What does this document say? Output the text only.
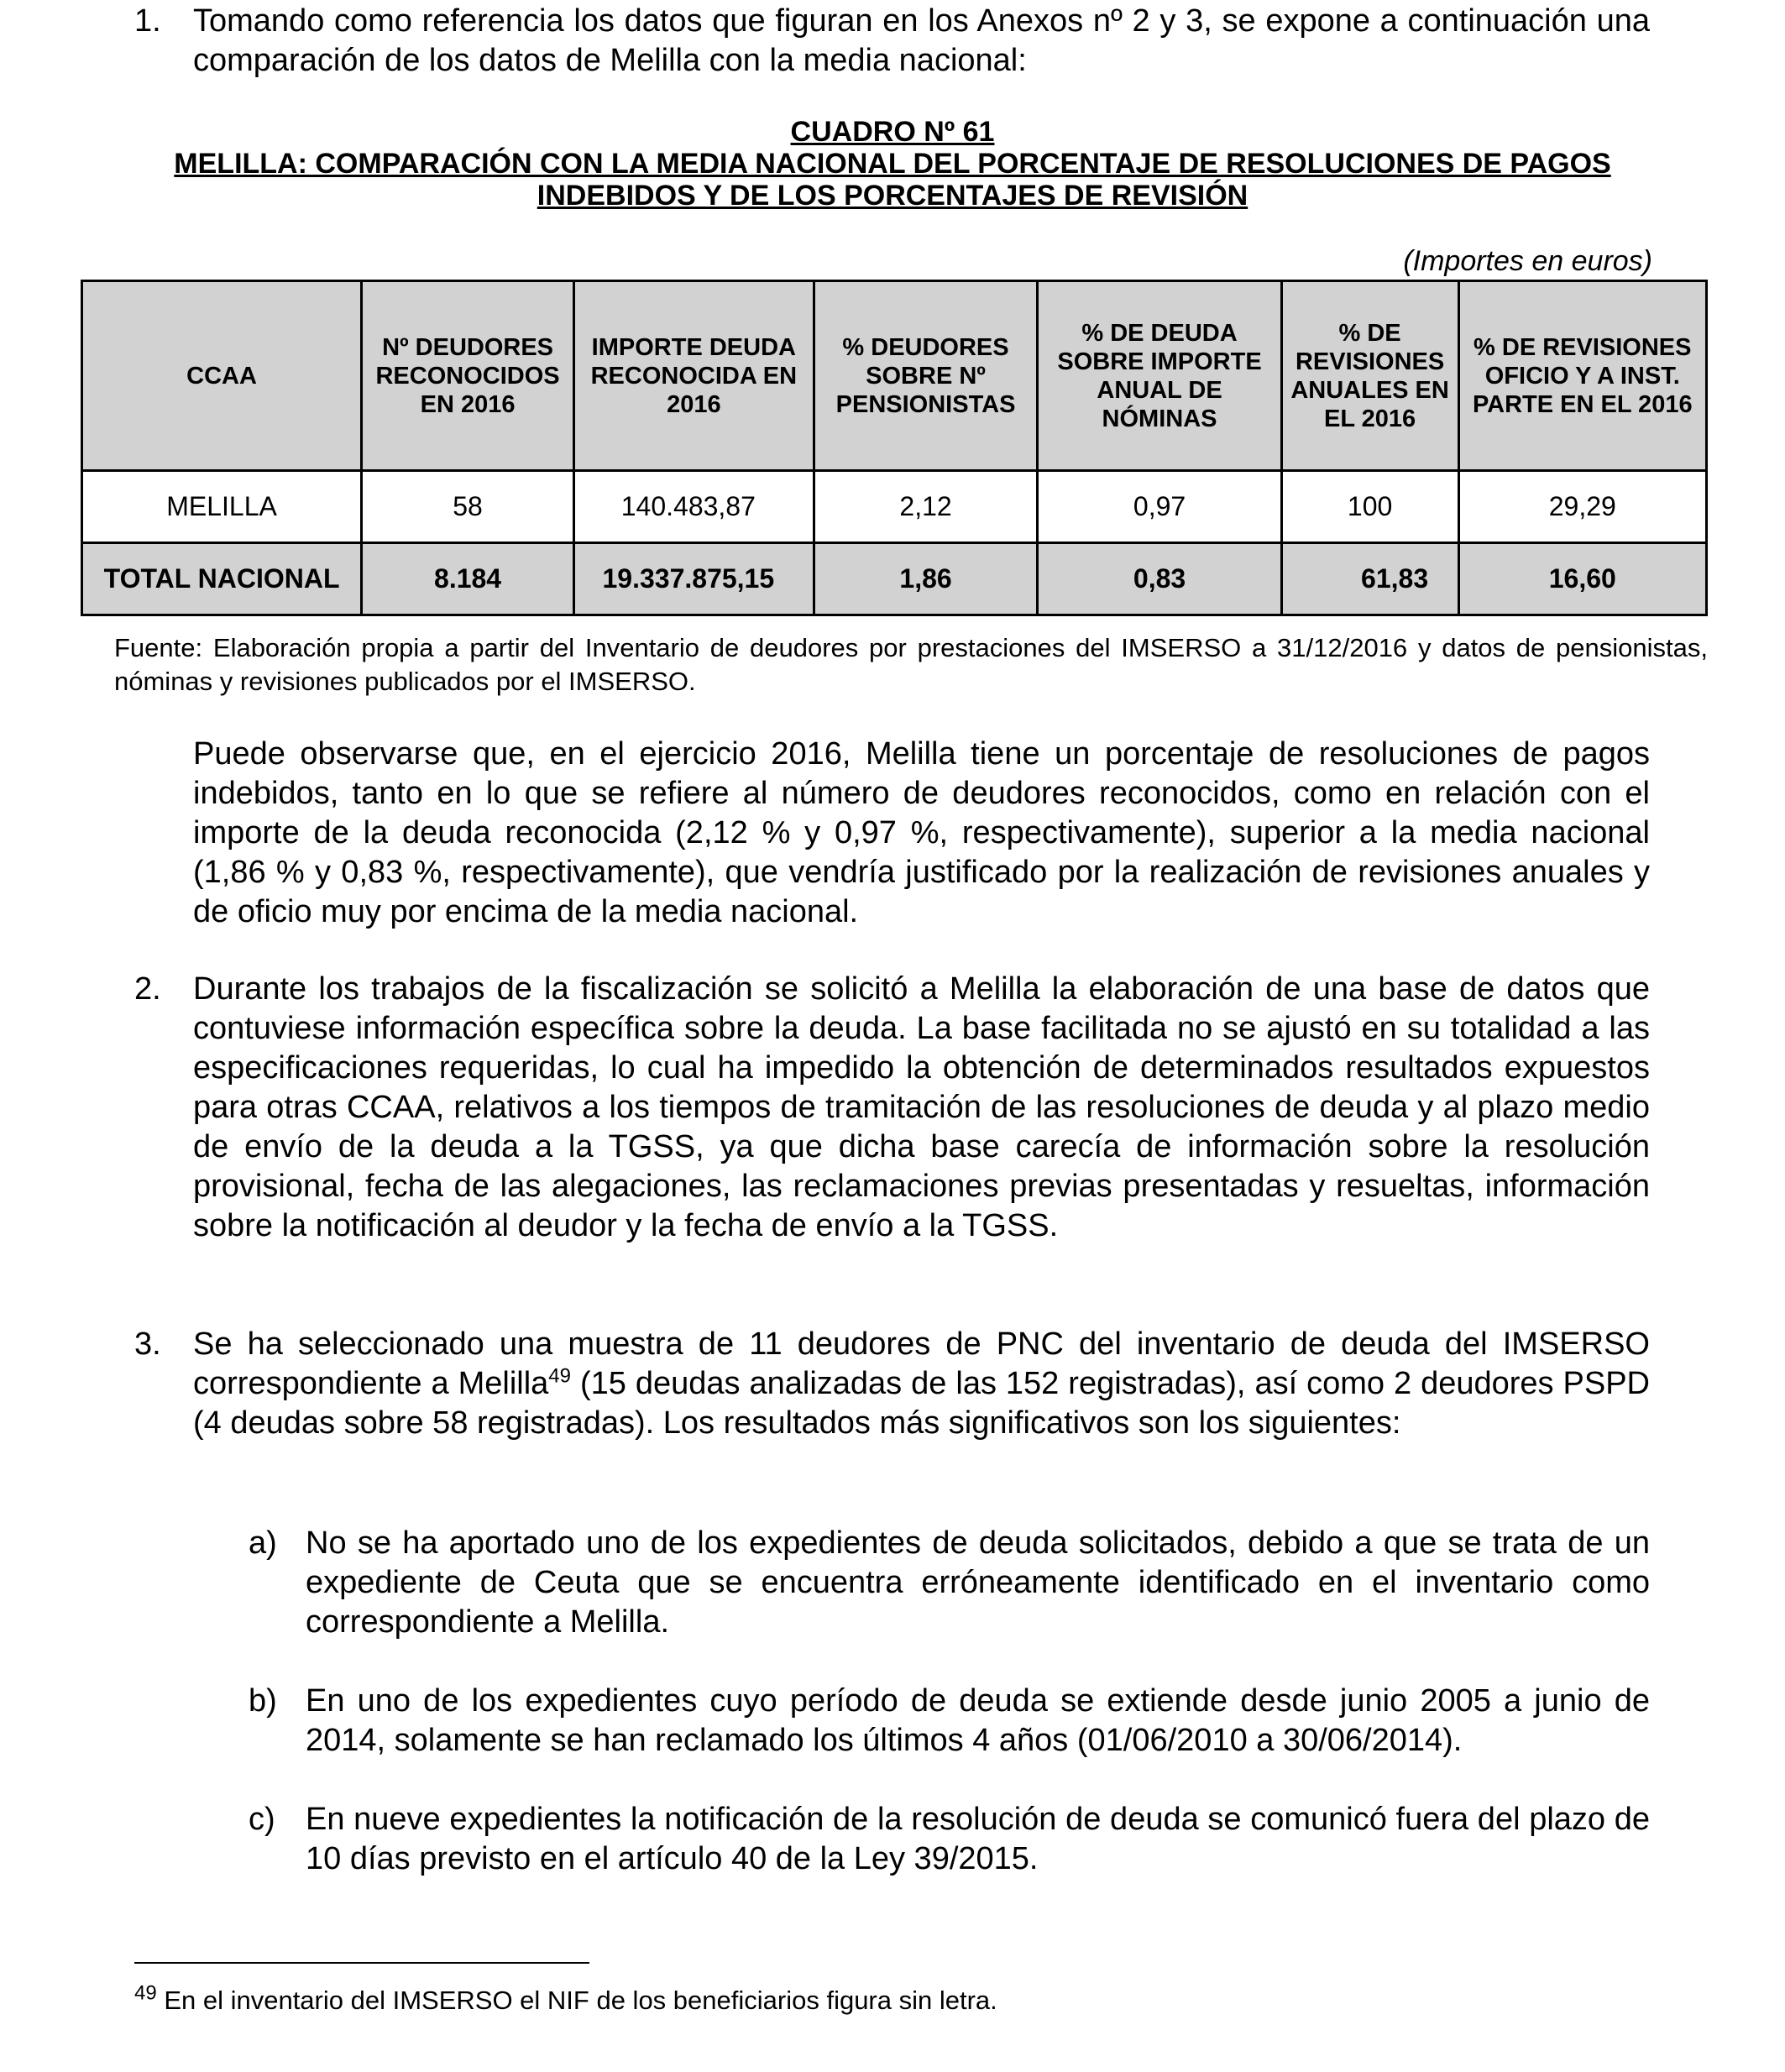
1. Tomando como referencia los datos que figuran en los Anexos nº 2 y 3, se expone a continuación una comparación de los datos de Melilla con la media nacional:
CUADRO Nº 61
MELILLA: COMPARACIÓN CON LA MEDIA NACIONAL DEL PORCENTAJE DE RESOLUCIONES DE PAGOS
INDEBIDOS Y DE LOS PORCENTAJES DE REVISIÓN
(Importes en euros)
CCAA	Nº DEUDORES RECONOCIDOS EN 2016	IMPORTE DEUDA RECONOCIDA EN 2016	% DEUDORES SOBRE Nº PENSIONISTAS	% DE DEUDA SOBRE IMPORTE ANUAL DE NÓMINAS	% DE REVISIONES ANUALES EN EL 2016	% DE REVISIONES OFICIO Y A INST. PARTE EN EL 2016
MELILLA	58	140.483,87	2,12	0,97	100	29,29
TOTAL NACIONAL	8.184	19.337.875,15	1,86	0,83	61,83	16,60
Fuente: Elaboración propia a partir del Inventario de deudores por prestaciones del IMSERSO a 31/12/2016 y datos de pensionistas, nóminas y revisiones publicados por el IMSERSO.
Puede observarse que, en el ejercicio 2016, Melilla tiene un porcentaje de resoluciones de pagos indebidos, tanto en lo que se refiere al número de deudores reconocidos, como en relación con el importe de la deuda reconocida (2,12 % y 0,97 %, respectivamente), superior a la media nacional (1,86 % y 0,83 %, respectivamente), que vendría justificado por la realización de revisiones anuales y de oficio muy por encima de la media nacional.
2. Durante los trabajos de la fiscalización se solicitó a Melilla la elaboración de una base de datos que contuviese información específica sobre la deuda. La base facilitada no se ajustó en su totalidad a las especificaciones requeridas, lo cual ha impedido la obtención de determinados resultados expuestos para otras CCAA, relativos a los tiempos de tramitación de las resoluciones de deuda y al plazo medio de envío de la deuda a la TGSS, ya que dicha base carecía de información sobre la resolución provisional, fecha de las alegaciones, las reclamaciones previas presentadas y resueltas, información sobre la notificación al deudor y la fecha de envío a la TGSS.
3. Se ha seleccionado una muestra de 11 deudores de PNC del inventario de deuda del IMSERSO correspondiente a Melilla$^{49}$ (15 deudas analizadas de las 152 registradas), así como 2 deudores PSPD (4 deudas sobre 58 registradas). Los resultados más significativos son los siguientes:
a) No se ha aportado uno de los expedientes de deuda solicitados, debido a que se trata de un expediente de Ceuta que se encuentra erróneamente identificado en el inventario como correspondiente a Melilla.
b) En uno de los expedientes cuyo período de deuda se extiende desde junio 2005 a junio de 2014, solamente se han reclamado los últimos 4 años (01/06/2010 a 30/06/2014).
c) En nueve expedientes la notificación de la resolución de deuda se comunicó fuera del plazo de 10 días previsto en el artículo 40 de la Ley 39/2015.
$^{49}$ En el inventario del IMSERSO el NIF de los beneficiarios figura sin letra.
